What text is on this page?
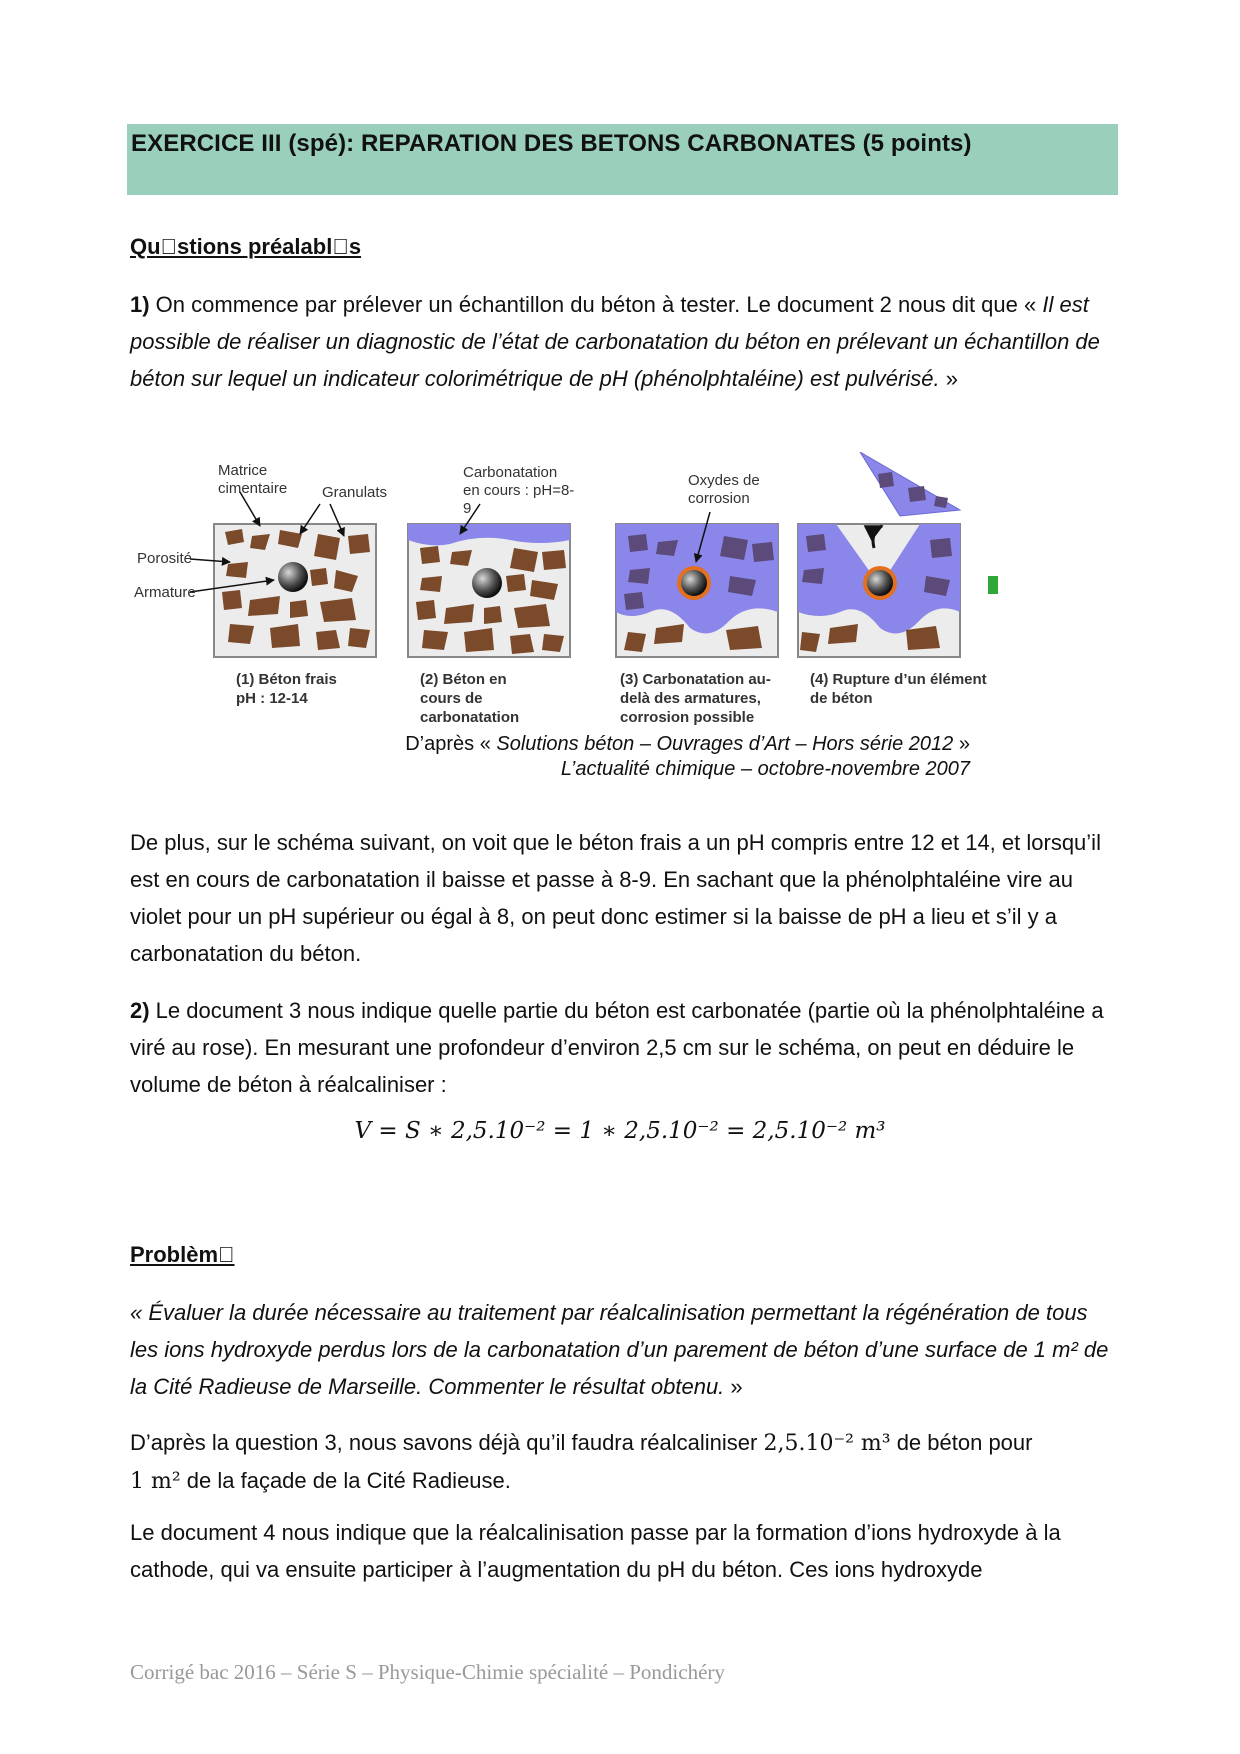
EXERCICE III (spé): REPARATION DES BETONS CARBONATES (5 points)
Qu stions préalabl s
1) On commence par prélever un échantillon du béton à tester. Le document 2 nous dit que « Il est possible de réaliser un diagnostic de l’état de carbonatation du béton en prélevant un échantillon de béton sur lequel un indicateur colorimétrique de pH (phénolphtaléine) est pulvérisé. »
Matrice cimentaire	Granulats
Porosité
Armature
Carbonatation en cours : pH=8-9
Oxydes de corrosion
(1) Béton frais pH : 12-14
(2) Béton en cours de carbonatation
(3) Carbonatation au-delà des armatures, corrosion possible
(4) Rupture d’un élément de béton
D’après « Solutions béton – Ouvrages d’Art – Hors série 2012 »
L’actualité chimique – octobre-novembre 2007
De plus, sur le schéma suivant, on voit que le béton frais a un pH compris entre 12 et 14, et lorsqu’il est en cours de carbonatation il baisse et passe à 8-9. En sachant que la phénolphtaléine vire au violet pour un pH supérieur ou égal à 8, on peut donc estimer si la baisse de pH a lieu et s’il y a carbonatation du béton.
2) Le document 3 nous indique quelle partie du béton est carbonatée (partie où la phénolphtaléine a viré au rose). En mesurant une profondeur d’environ 2,5 cm sur le schéma, on peut en déduire le volume de béton à réalcaliniser :
V = S ∗ 2,5.10⁻² = 1 ∗ 2,5.10⁻² = 2,5.10⁻² m³
Problèm 
« Évaluer la durée nécessaire au traitement par réalcalinisation permettant la régénération de tous les ions hydroxyde perdus lors de la carbonatation d’un parement de béton d’une surface de 1 m² de la Cité Radieuse de Marseille. Commenter le résultat obtenu. »
D’après la question 3, nous savons déjà qu’il faudra réalcaliniser 2,5.10⁻² m³ de béton pour
1 m² de la façade de la Cité Radieuse.
Le document 4 nous indique que la réalcalinisation passe par la formation d’ions hydroxyde à la cathode, qui va ensuite participer à l’augmentation du pH du béton. Ces ions hydroxyde
Corrigé bac 2016 – Série S – Physique-Chimie spécialité – Pondichéry
